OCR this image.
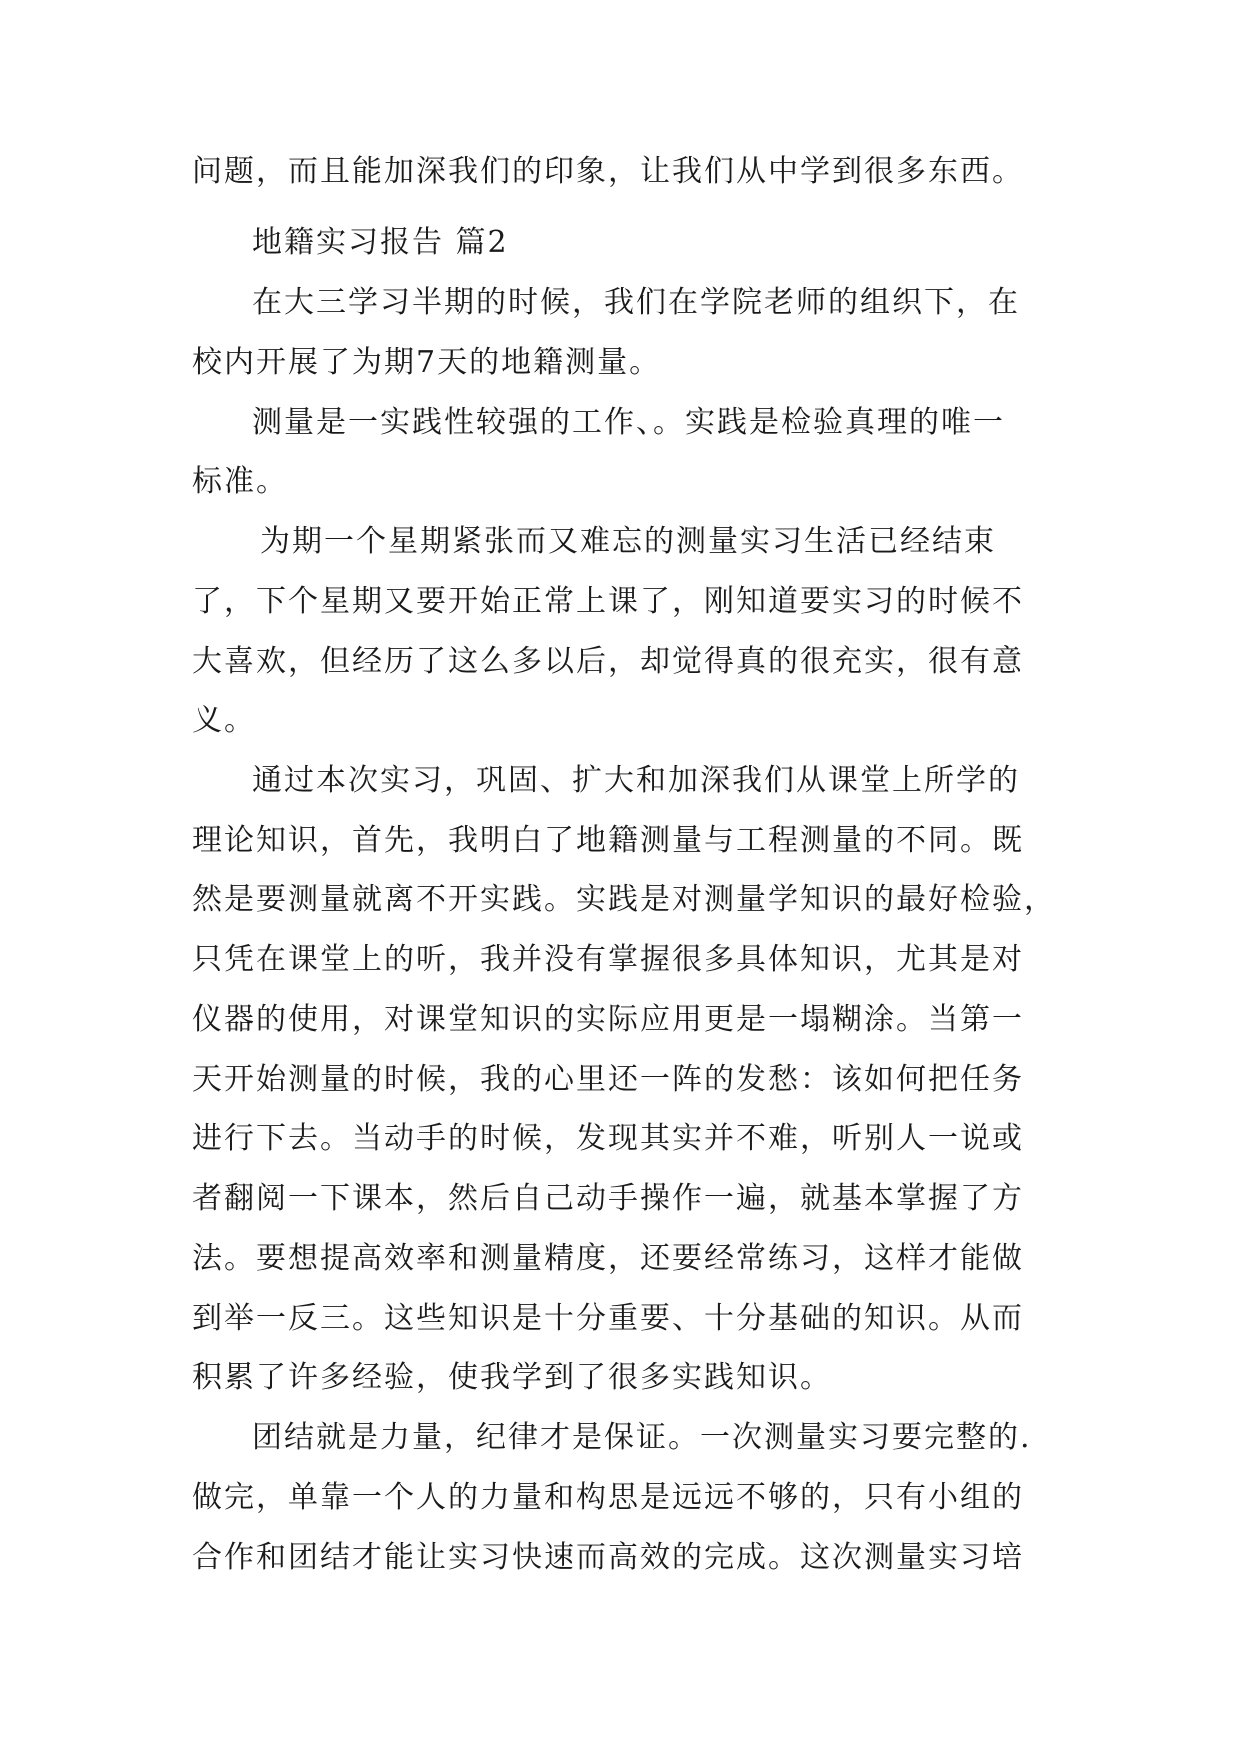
问题，而且能加深我们的印象，让我们从中学到很多东西。
地籍实习报告 篇2
在大三学习半期的时候，我们在学院老师的组织下，在
校内开展了为期7天的地籍测量。
测量是一实践性较强的工作、。实践是检验真理的唯一
标准。
为期一个星期紧张而又难忘的测量实习生活已经结束
了，下个星期又要开始正常上课了，刚知道要实习的时候不
大喜欢，但经历了这么多以后，却觉得真的很充实，很有意
义。
通过本次实习，巩固、扩大和加深我们从课堂上所学的
理论知识，首先，我明白了地籍测量与工程测量的不同。既
然是要测量就离不开实践。实践是对测量学知识的最好检验，
只凭在课堂上的听，我并没有掌握很多具体知识，尤其是对
仪器的使用，对课堂知识的实际应用更是一塌糊涂。当第一
天开始测量的时候，我的心里还一阵的发愁：该如何把任务
进行下去。当动手的时候，发现其实并不难，听别人一说或
者翻阅一下课本，然后自己动手操作一遍，就基本掌握了方
法。要想提高效率和测量精度，还要经常练习，这样才能做
到举一反三。这些知识是十分重要、十分基础的知识。从而
积累了许多经验，使我学到了很多实践知识。
团结就是力量，纪律才是保证。一次测量实习要完整的.
做完，单靠一个人的力量和构思是远远不够的，只有小组的
合作和团结才能让实习快速而高效的完成。这次测量实习培
